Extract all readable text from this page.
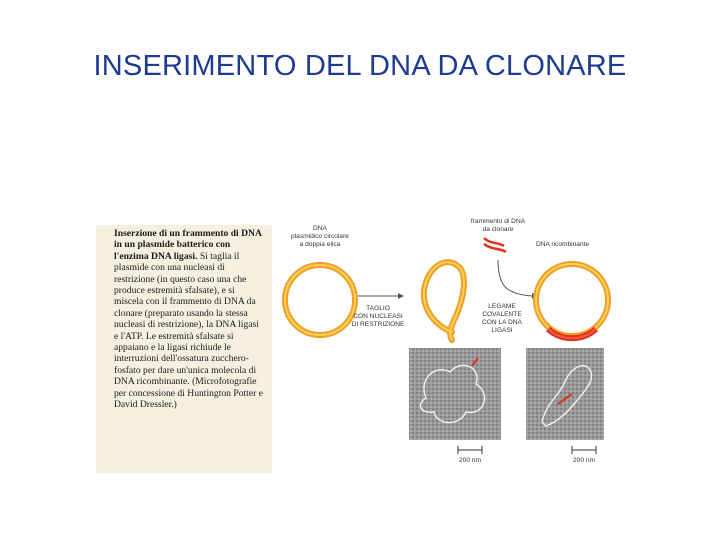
INSERIMENTO DEL DNA DA CLONARE
Inserzione di un frammento di DNA in un plasmide batterico con l'enzima DNA ligasi. Si taglia il plasmide con una nucleasi di restrizione (in questo caso una che produce estremità sfalsate), e si miscela con il frammento di DNA da clonare (preparato usando la stessa nucleasi di restrizione), la DNA ligasi e l'ATP. Le estremità sfalsate si appaiano e la ligasi richiude le interruzioni dell'ossatura zucchero-fosfato per dare un'unica molecola di DNA ricombinante. (Microfotografie per concessione di Huntington Potter e David Dressler.)
DNA
plasmidico circolare
a doppia elica
TAGLIO
CON NUCLEASI
DI RESTRIZIONE
frammento di DNA
da clonare
LEGAME
COVALENTE
CON LA DNA
LIGASI
DNA ricombinante
200 nm	200 nm
